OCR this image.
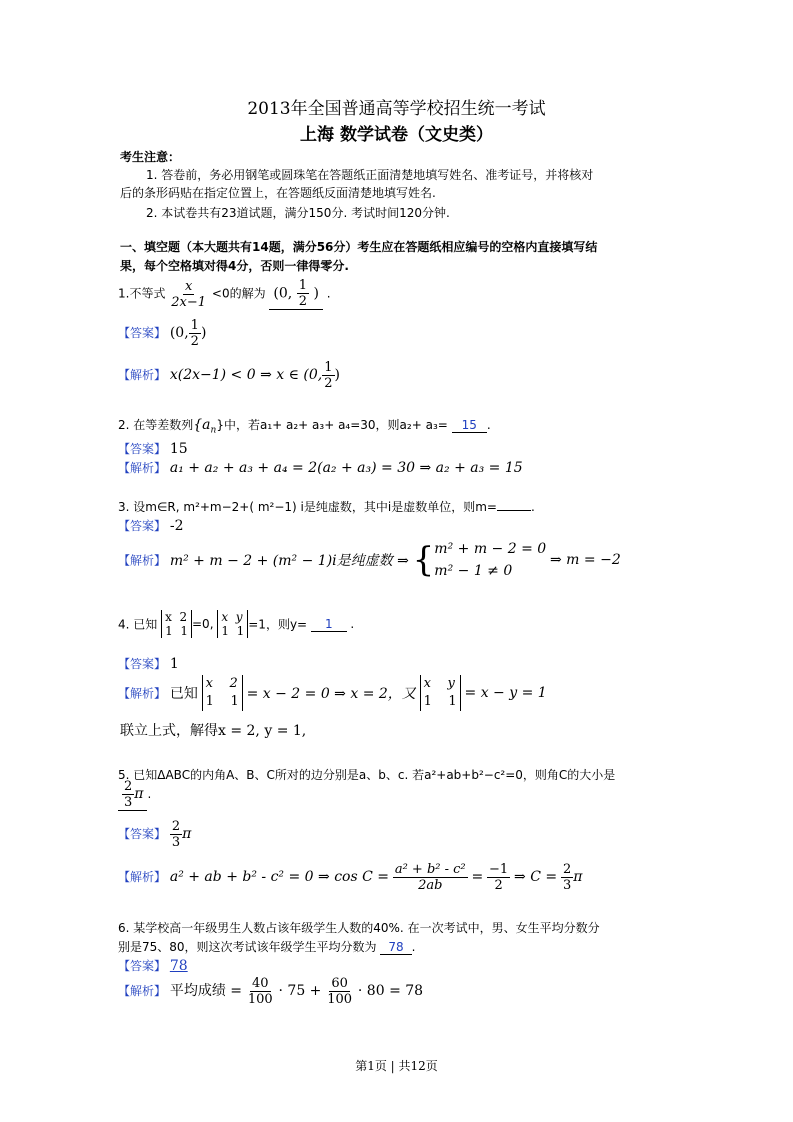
2013年全国普通高等学校招生统一考试
上海 数学试卷（文史类）
考生注意：
1. 答卷前，务必用钢笔或圆珠笔在答题纸正面清楚地填写姓名、准考证号，并将核对
后的条形码贴在指定位置上，在答题纸反面清楚地填写姓名.
2. 本试卷共有23道试题，满分150分. 考试时间120分钟.
一、填空题（本大题共有14题，满分56分）考生应在答题纸相应编号的空格内直接填写结
果，每个空格填对得4分，否则一律得零分.
1.不等式 $\frac{x}{2x-1} <0$的解为 (0, $\frac{1}{2}$ ) .
【答案】 (0, $\frac{1}{2}$ )
【解析】 x(2x−1) < 0 ⇒ x ∈ (0, $\frac{1}{2}$ )
2. 在等差数列$\{a_n\}$中，若a₁+ a₂+ a₃+ a₄=30，则a₂+ a₃= 15 .
【答案】 15
【解析】 a₁ + a₂ + a₃ + a₄ = 2(a₂ + a₃) = 30 ⇒ a₂ + a₃ = 15
3. 设m∈R, m²+m−2+( m²−1) i是纯虚数，其中i是虚数单位，则m=	.
【答案】 -2
【解析】 m² + m − 2 + (m² − 1)i是纯虚数 ⇒ { m² + m − 2 = 0
m² − 1 ≠ 0
⇒ m = −2
4. 已知
x  2
1  1 =0, x  y
1  1 =1，则y= 1 .
【答案】 1
【解析】 已知
x    2
1    1 = x − 2 = 0 ⇒ x = 2，又
x    y
1    1
= x − y = 1
联立上式，解得x = 2, y = 1,
5. 已知ΔABC的内角A、B、C所对的边分别是a、b、c. 若a²+ab+b²−c²=0，则角C的大小是
$\frac{2}{3}$ π .
【答案】 $\frac{2}{3}$ π
【解析】 a² + ab + b² - c² = 0 ⇒ $\cos C = \frac{\text{a² + b² - c²}}{2ab} = \frac{-1}{2}$ ⇒ $C = \frac{2}{3}$ π
6. 某学校高一年级男生人数占该年级学生人数的40%. 在一次考试中，男、女生平均分数分
别是75、80，则这次考试该年级学生平均分数为 78 .
【答案】 78
【解析】 平均成绩 = $\frac{40}{100} \cdot 75 + \frac{60}{100} \cdot 80 = 78$
第1页 | 共12页
